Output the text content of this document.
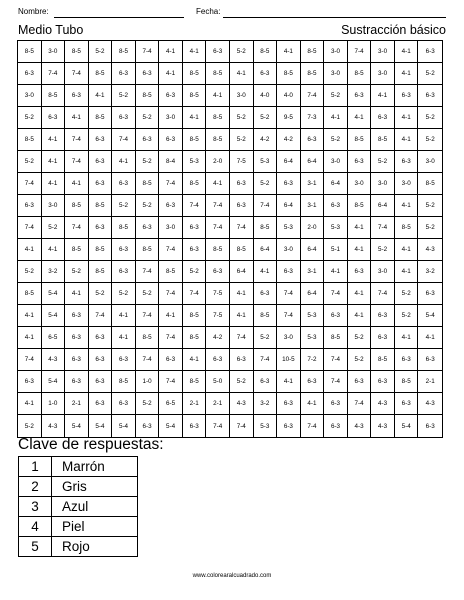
Nombre:	Fecha:
Medio Tubo	Sustracción básico
8-5	3-0	8-5	5-2	8-5	7-4	4-1	4-1	6-3	5-2	8-5	4-1	8-5	3-0	7-4	3-0	4-1	6-3
6-3	7-4	7-4	8-5	6-3	6-3	4-1	8-5	8-5	4-1	6-3	8-5	8-5	3-0	8-5	3-0	4-1	5-2
3-0	8-5	6-3	4-1	5-2	8-5	6-3	8-5	4-1	3-0	4-0	4-0	7-4	5-2	6-3	4-1	6-3	6-3
5-2	6-3	4-1	8-5	6-3	5-2	3-0	4-1	8-5	5-2	5-2	9-5	7-3	4-1	4-1	6-3	4-1	5-2
8-5	4-1	7-4	6-3	7-4	6-3	6-3	8-5	8-5	5-2	4-2	4-2	6-3	5-2	8-5	8-5	4-1	5-2
5-2	4-1	7-4	6-3	4-1	5-2	8-4	5-3	2-0	7-5	5-3	6-4	6-4	3-0	6-3	5-2	6-3	3-0
7-4	4-1	4-1	6-3	6-3	8-5	7-4	8-5	4-1	6-3	5-2	6-3	3-1	6-4	3-0	3-0	3-0	8-5
6-3	3-0	8-5	8-5	5-2	5-2	6-3	7-4	7-4	6-3	7-4	6-4	3-1	6-3	8-5	6-4	4-1	5-2
7-4	5-2	7-4	6-3	8-5	6-3	3-0	6-3	7-4	7-4	8-5	5-3	2-0	5-3	4-1	7-4	8-5	5-2
4-1	4-1	8-5	8-5	6-3	8-5	7-4	6-3	8-5	8-5	6-4	3-0	6-4	5-1	4-1	5-2	4-1	4-3
5-2	3-2	5-2	8-5	6-3	7-4	8-5	5-2	6-3	6-4	4-1	6-3	3-1	4-1	6-3	3-0	4-1	3-2
8-5	5-4	4-1	5-2	5-2	5-2	7-4	7-4	7-5	4-1	6-3	7-4	6-4	7-4	4-1	7-4	5-2	6-3
4-1	5-4	6-3	7-4	4-1	7-4	4-1	8-5	7-5	4-1	8-5	7-4	5-3	6-3	4-1	6-3	5-2	5-4
4-1	6-5	6-3	6-3	4-1	8-5	7-4	8-5	4-2	7-4	5-2	3-0	5-3	8-5	5-2	6-3	4-1	4-1
7-4	4-3	6-3	6-3	6-3	7-4	6-3	4-1	6-3	6-3	7-4	10-5	7-2	7-4	5-2	8-5	6-3	6-3
6-3	5-4	6-3	6-3	8-5	1-0	7-4	8-5	5-0	5-2	6-3	4-1	6-3	7-4	6-3	6-3	8-5	2-1
4-1	1-0	2-1	6-3	6-3	5-2	6-5	2-1	2-1	4-3	3-2	6-3	4-1	6-3	7-4	4-3	6-3	4-3
5-2	4-3	5-4	5-4	5-4	6-3	5-4	6-3	7-4	7-4	5-3	6-3	7-4	6-3	4-3	4-3	5-4	6-3
Clave de respuestas:
1	Marrón
2	Gris
3	Azul
4	Piel
5	Rojo
www.colorearalcuadrado.com
